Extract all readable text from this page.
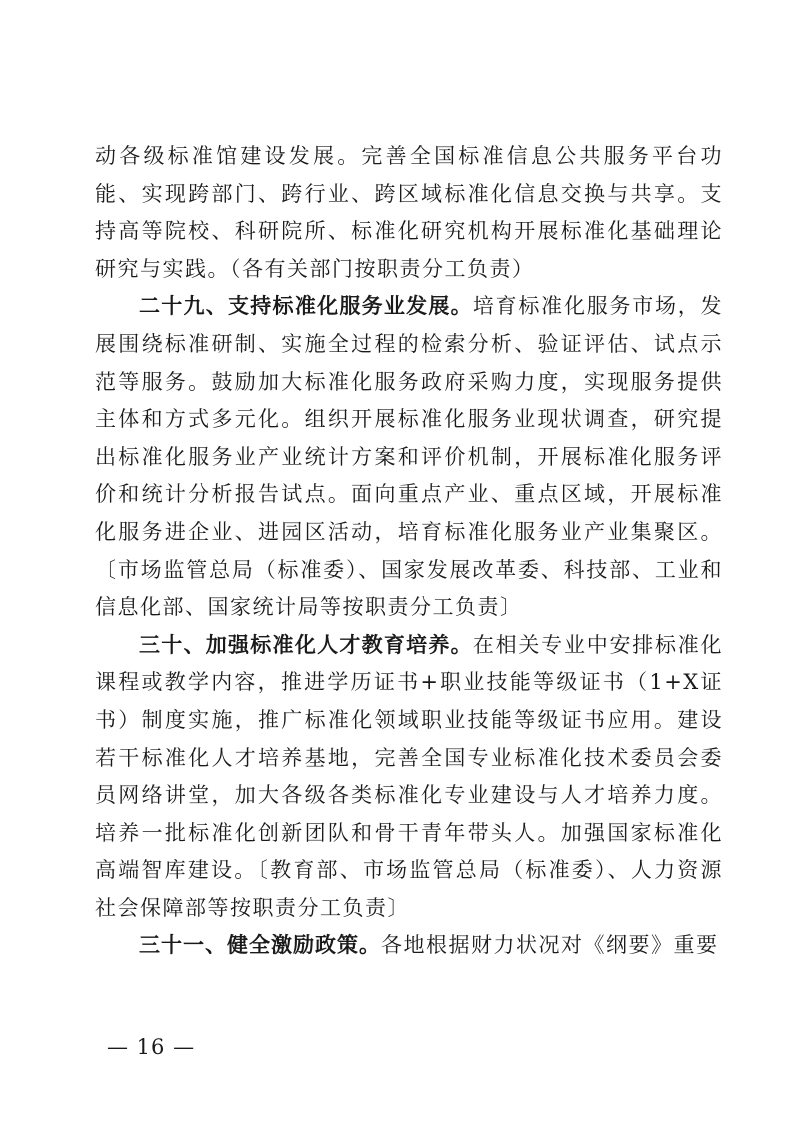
动各级标准馆建设发展。完善全国标准信息公共服务平台功能、实现跨部门、跨行业、跨区域标准化信息交换与共享。支持高等院校、科研院所、标准化研究机构开展标准化基础理论研究与实践。（各有关部门按职责分工负责）

二十九、支持标准化服务业发展。培育标准化服务市场，发展围绕标准研制、实施全过程的检索分析、验证评估、试点示范等服务。鼓励加大标准化服务政府采购力度，实现服务提供主体和方式多元化。组织开展标准化服务业现状调查，研究提出标准化服务业产业统计方案和评价机制，开展标准化服务评价和统计分析报告试点。面向重点产业、重点区域，开展标准化服务进企业、进园区活动，培育标准化服务业产业集聚区。〔市场监管总局（标准委）、国家发展改革委、科技部、工业和信息化部、国家统计局等按职责分工负责〕

三十、加强标准化人才教育培养。在相关专业中安排标准化课程或教学内容，推进学历证书+职业技能等级证书（1+X证书）制度实施，推广标准化领域职业技能等级证书应用。建设若干标准化人才培养基地，完善全国专业标准化技术委员会委员网络讲堂，加大各级各类标准化专业建设与人才培养力度。培养一批标准化创新团队和骨干青年带头人。加强国家标准化高端智库建设。〔教育部、市场监管总局（标准委）、人力资源社会保障部等按职责分工负责〕

三十一、健全激励政策。各地根据财力状况对《纲要》重要

— 16 —
